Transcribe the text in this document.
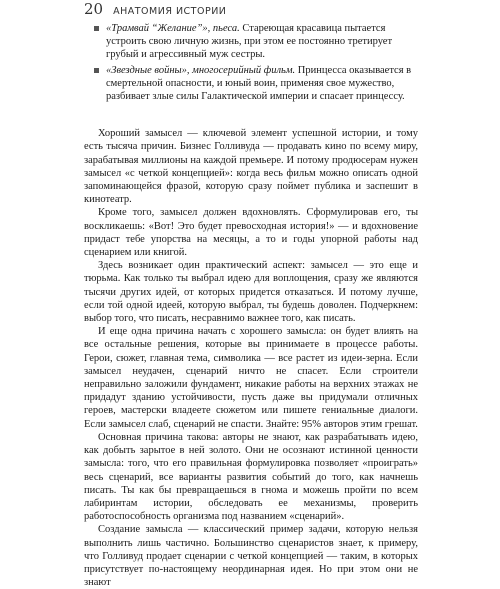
20 АНАТОМИЯ ИСТОРИИ
«Трамвай “Желание”», пьеса. Стареющая красавица пытается устроить свою личную жизнь, при этом ее постоянно третирует грубый и агрессивный муж сестры.
«Звездные войны», многосерийный фильм. Принцесса оказывается в смертельной опасности, и юный воин, применяя свое мужество, разбивает злые силы Галактической империи и спасает принцессу.

Хороший замысел — ключевой элемент успешной истории, и тому есть тысяча причин. Бизнес Голливуда — продавать кино по всему миру, зарабатывая миллионы на каждой премьере. И потому продюсерам нужен замысел «с четкой концепцией»: когда весь фильм можно описать одной запоминающейся фразой, которую сразу поймет публика и заспешит в кинотеатр.

Кроме того, замысел должен вдохновлять. Сформулировав его, ты воскликаешь: «Вот! Это будет превосходная история!» — и вдохновение придаст тебе упорства на месяцы, а то и годы упорной работы над сценарием или книгой.

Здесь возникает один практический аспект: замысел — это еще и тюрьма. Как только ты выбрал идею для воплощения, сразу же являются тысячи других идей, от которых придется отказаться. И потому лучше, если той одной идеей, которую выбрал, ты будешь доволен. Подчеркнем: выбор того, что писать, несравнимо важнее того, как писать.

И еще одна причина начать с хорошего замысла: он будет влиять на все остальные решения, которые вы принимаете в процессе работы. Герои, сюжет, главная тема, символика — все растет из идеи-зерна. Если замысел неудачен, сценарий ничто не спасет. Если строители неправильно заложили фундамент, никакие работы на верхних этажах не придадут зданию устойчивости, пусть даже вы придумали отличных героев, мастерски владеете сюжетом или пишете гениальные диалоги. Если замысел слаб, сценарий не спасти. Знайте: 95% авторов этим грешат.

Основная причина такова: авторы не знают, как разрабатывать идею, как добыть зарытое в ней золото. Они не осознают истинной ценности замысла: того, что его правильная формулировка позволяет «проиграть» весь сценарий, все варианты развития событий до того, как начнешь писать. Ты как бы превращаешься в гнома и можешь пройти по всем лабиринтам истории, обследовать ее механизмы, проверить работоспособность организма под названием «сценарий».

Создание замысла — классический пример задачи, которую нельзя выполнить лишь частично. Большинство сценаристов знает, к примеру, что Голливуд продает сценарии с четкой концепцией — таким, в которых присутствует по-настоящему неординарная идея. Но при этом они не знают
